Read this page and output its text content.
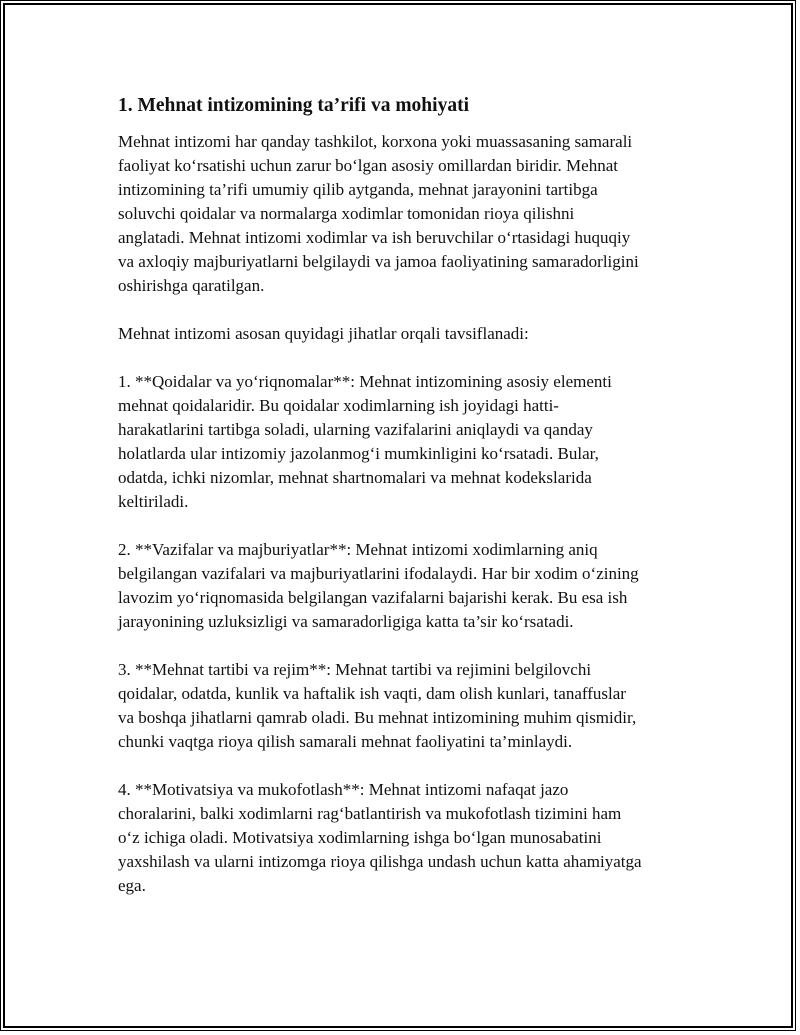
1. Mehnat intizomining ta’rifi va mohiyati

Mehnat intizomi har qanday tashkilot, korxona yoki muassasaning samarali
faoliyat ko‘rsatishi uchun zarur bo‘lgan asosiy omillardan biridir. Mehnat
intizomining ta’rifi umumiy qilib aytganda, mehnat jarayonini tartibga
soluvchi qoidalar va normalarga xodimlar tomonidan rioya qilishni
anglatadi. Mehnat intizomi xodimlar va ish beruvchilar o‘rtasidagi huquqiy
va axloqiy majburiyatlarni belgilaydi va jamoa faoliyatining samaradorligini
oshirishga qaratilgan.

Mehnat intizomi asosan quyidagi jihatlar orqali tavsiflanadi:

1. **Qoidalar va yo‘riqnomalar**: Mehnat intizomining asosiy elementi
mehnat qoidalaridir. Bu qoidalar xodimlarning ish joyidagi hatti-
harakatlarini tartibga soladi, ularning vazifalarini aniqlaydi va qanday
holatlarda ular intizomiy jazolanmog‘i mumkinligini ko‘rsatadi. Bular,
odatda, ichki nizomlar, mehnat shartnomalari va mehnat kodekslarida
keltiriladi.

2. **Vazifalar va majburiyatlar**: Mehnat intizomi xodimlarning aniq
belgilangan vazifalari va majburiyatlarini ifodalaydi. Har bir xodim o‘zining
lavozim yo‘riqnomasida belgilangan vazifalarni bajarishi kerak. Bu esa ish
jarayonining uzluksizligi va samaradorligiga katta ta’sir ko‘rsatadi.

3. **Mehnat tartibi va rejim**: Mehnat tartibi va rejimini belgilovchi
qoidalar, odatda, kunlik va haftalik ish vaqti, dam olish kunlari, tanaffuslar
va boshqa jihatlarni qamrab oladi. Bu mehnat intizomining muhim qismidir,
chunki vaqtga rioya qilish samarali mehnat faoliyatini ta’minlaydi.

4. **Motivatsiya va mukofotlash**: Mehnat intizomi nafaqat jazo
choralarini, balki xodimlarni rag‘batlantirish va mukofotlash tizimini ham
o‘z ichiga oladi. Motivatsiya xodimlarning ishga bo‘lgan munosabatini
yaxshilash va ularni intizomga rioya qilishga undash uchun katta ahamiyatga
ega.
